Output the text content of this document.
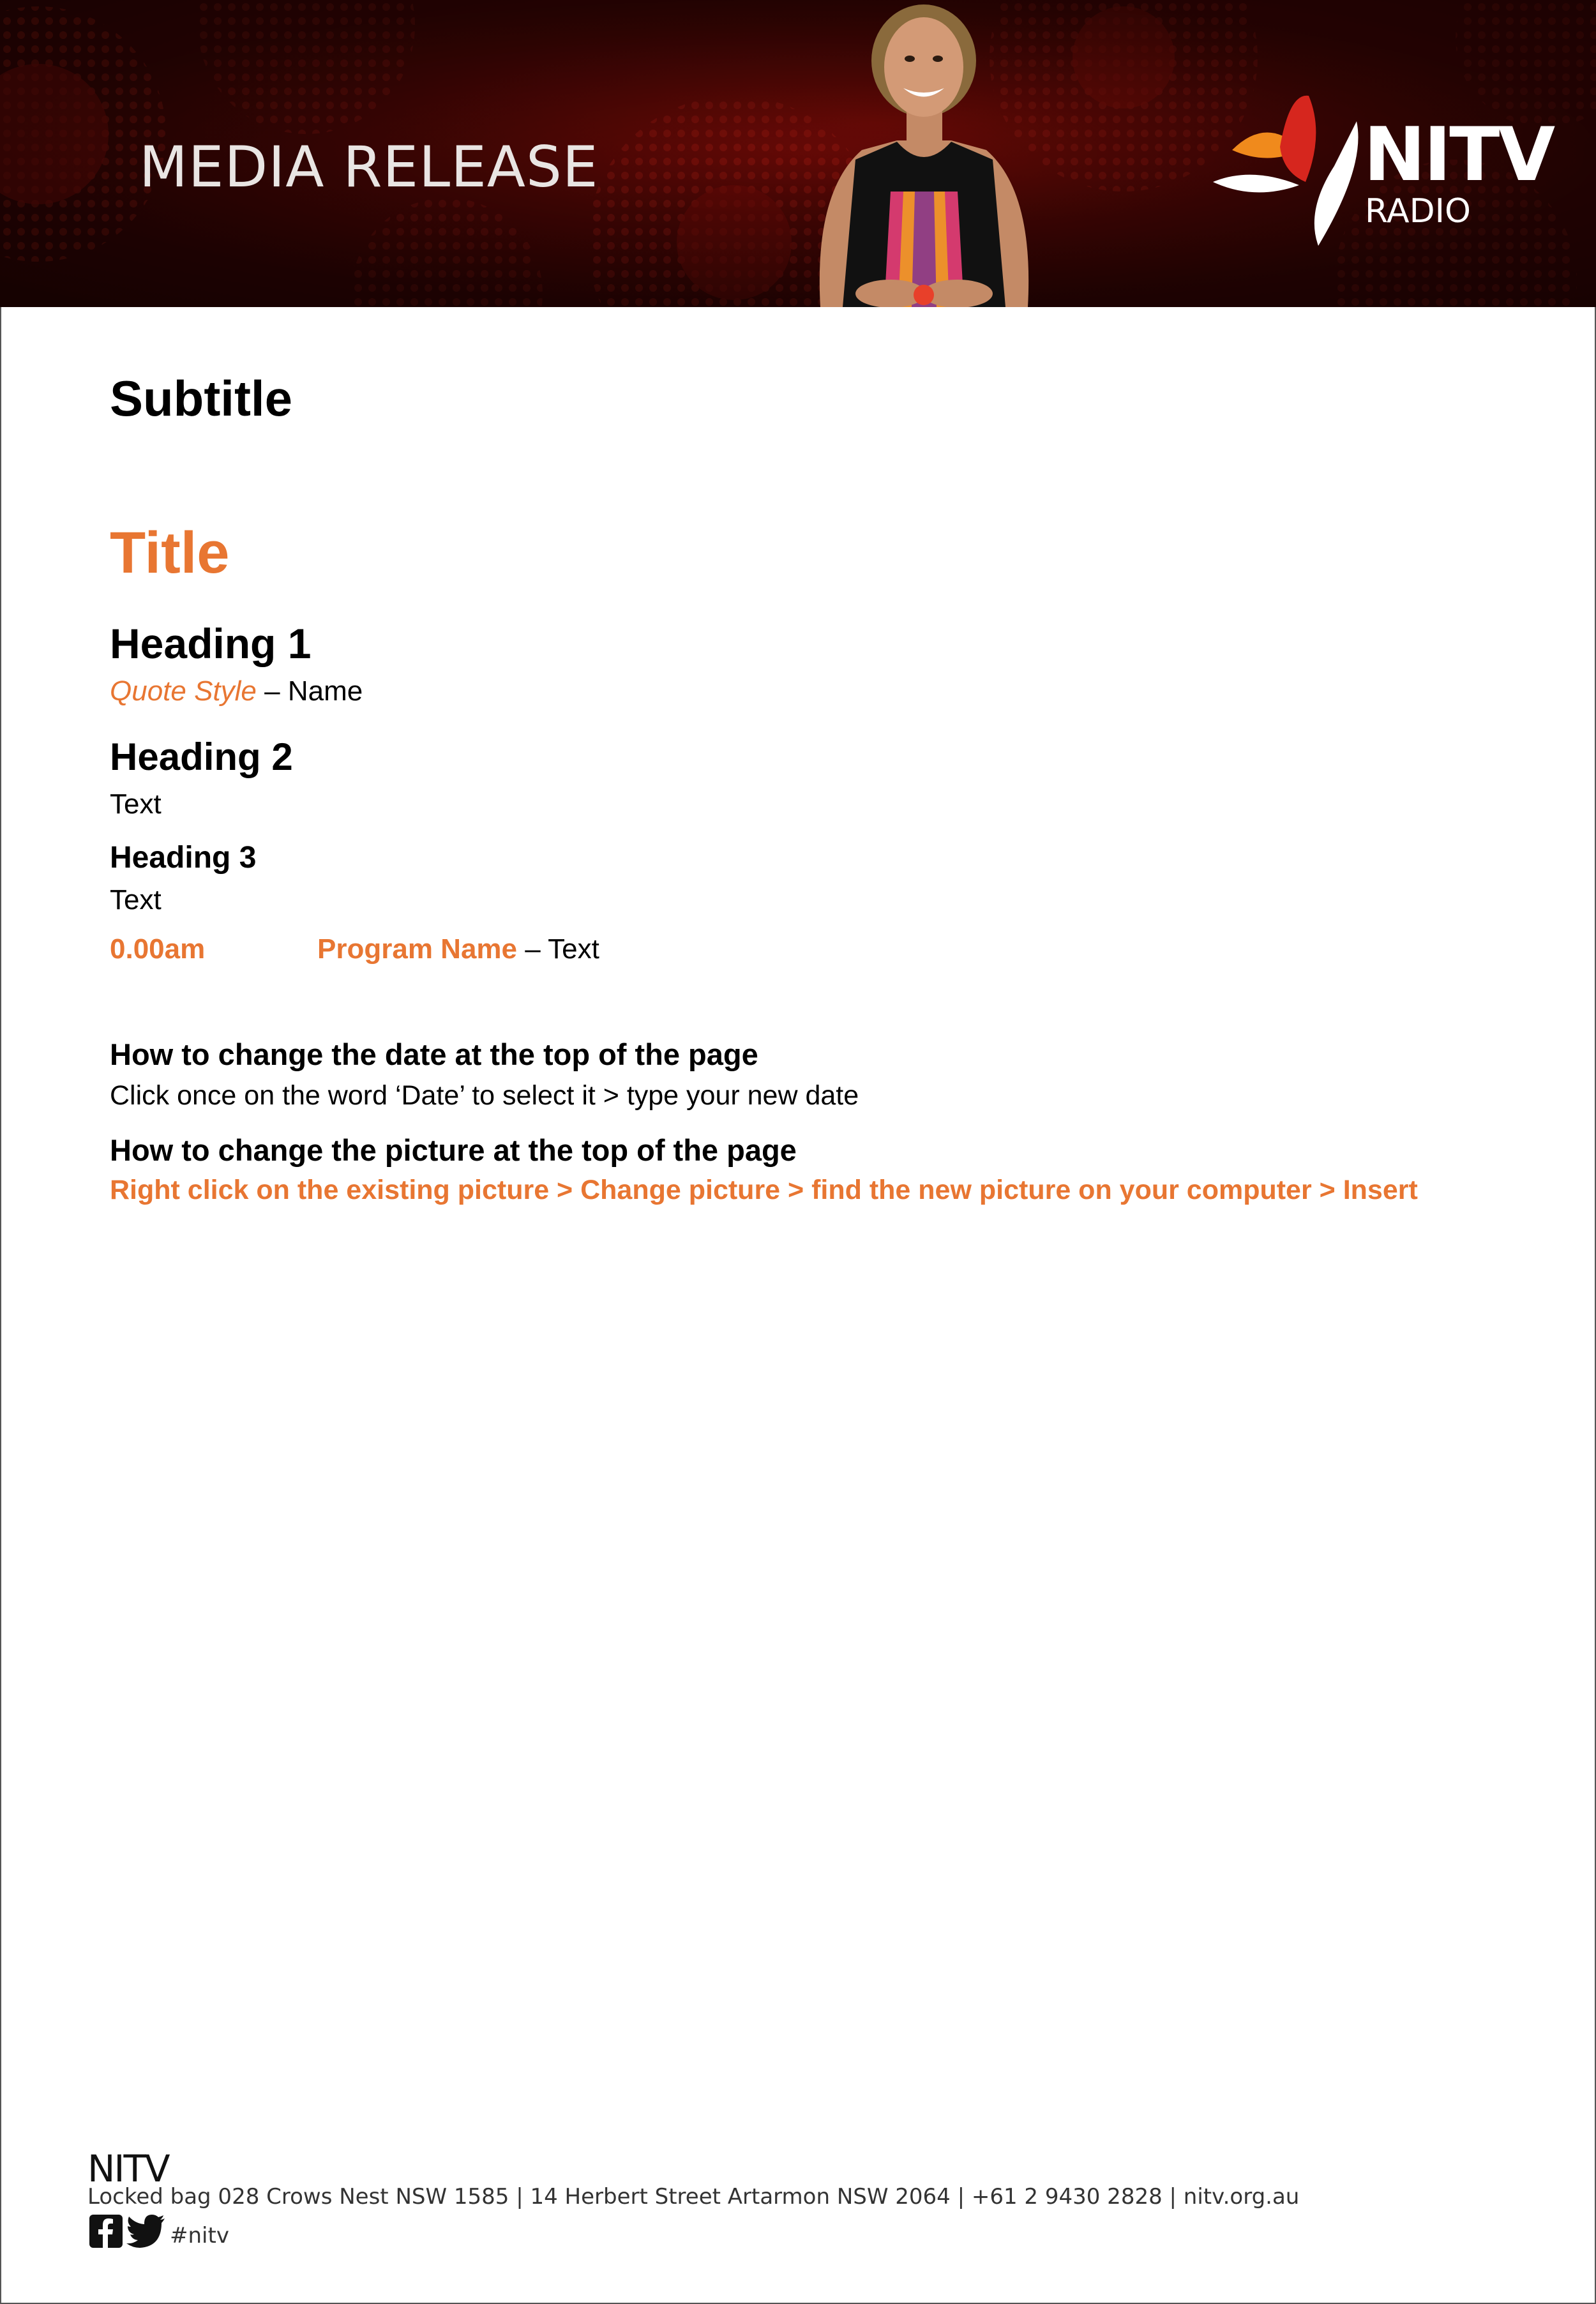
MEDIA RELEASE	NITV
RADIO
Subtitle
Title
Heading 1
Quote Style – Name
Heading 2
Text
Heading 3
Text
0.00am	Program Name – Text
How to change the date at the top of the page
Click once on the word ‘Date’ to select it > type your new date
How to change the picture at the top of the page
Right click on the existing picture > Change picture > find the new picture on your computer > Insert
NITV
Locked bag 028 Crows Nest NSW 1585 | 14 Herbert Street Artarmon NSW 2064 | +61 2 9430 2828 | nitv.org.au
#nitv
